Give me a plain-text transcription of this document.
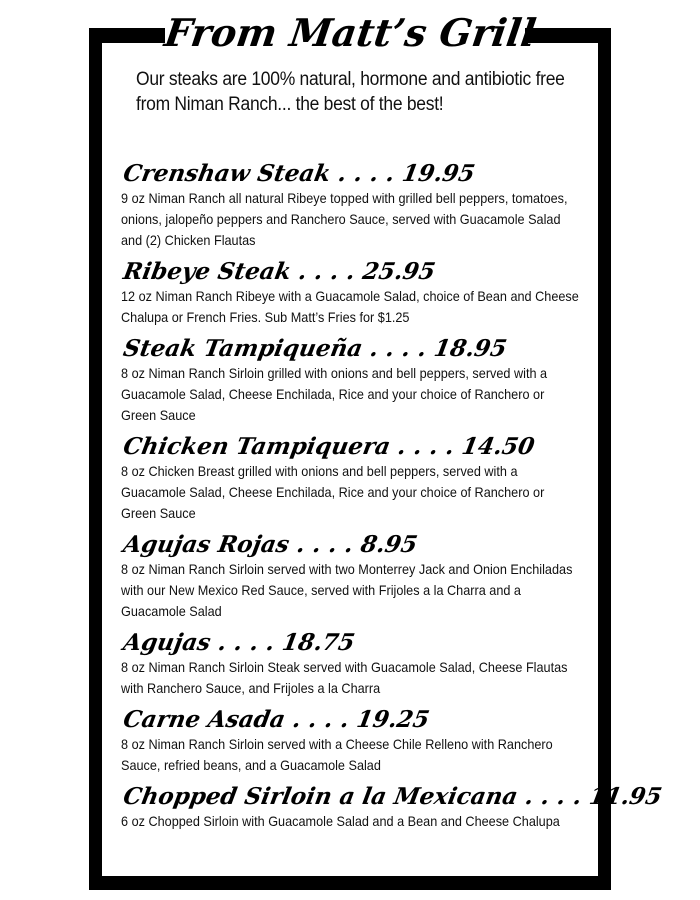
From Matt’s Grill
Our steaks are 100% natural, hormone and antibiotic free from Niman Ranch... the best of the best!
Crenshaw Steak . . . . 19.95
9 oz Niman Ranch all natural Ribeye topped with grilled bell peppers, tomatoes, onions, jalopeño peppers and Ranchero Sauce, served with Guacamole Salad and (2) Chicken Flautas
Ribeye Steak . . . . 25.95
12 oz Niman Ranch Ribeye with a Guacamole Salad, choice of Bean and Cheese Chalupa or French Fries. Sub Matt’s Fries for $1.25
Steak Tampiqueña . . . . 18.95
8 oz Niman Ranch Sirloin grilled with onions and bell peppers, served with a Guacamole Salad, Cheese Enchilada, Rice and your choice of Ranchero or Green Sauce
Chicken Tampiquera . . . . 14.50
8 oz Chicken Breast grilled with onions and bell peppers, served with a Guacamole Salad, Cheese Enchilada, Rice and your choice of Ranchero or Green Sauce
Agujas Rojas . . . . 8.95
8 oz Niman Ranch Sirloin served with two Monterrey Jack and Onion Enchiladas with our New Mexico Red Sauce, served with Frijoles a la Charra and a Guacamole Salad
Agujas . . . . 18.75
8 oz Niman Ranch Sirloin Steak served with Guacamole Salad, Cheese Flautas with Ranchero Sauce, and Frijoles a la Charra
Carne Asada . . . . 19.25
8 oz Niman Ranch Sirloin served with a Cheese Chile Relleno with Ranchero Sauce, refried beans, and a Guacamole Salad
Chopped Sirloin a la Mexicana . . . . 11.95
6 oz Chopped Sirloin with Guacamole Salad and a Bean and Cheese Chalupa
